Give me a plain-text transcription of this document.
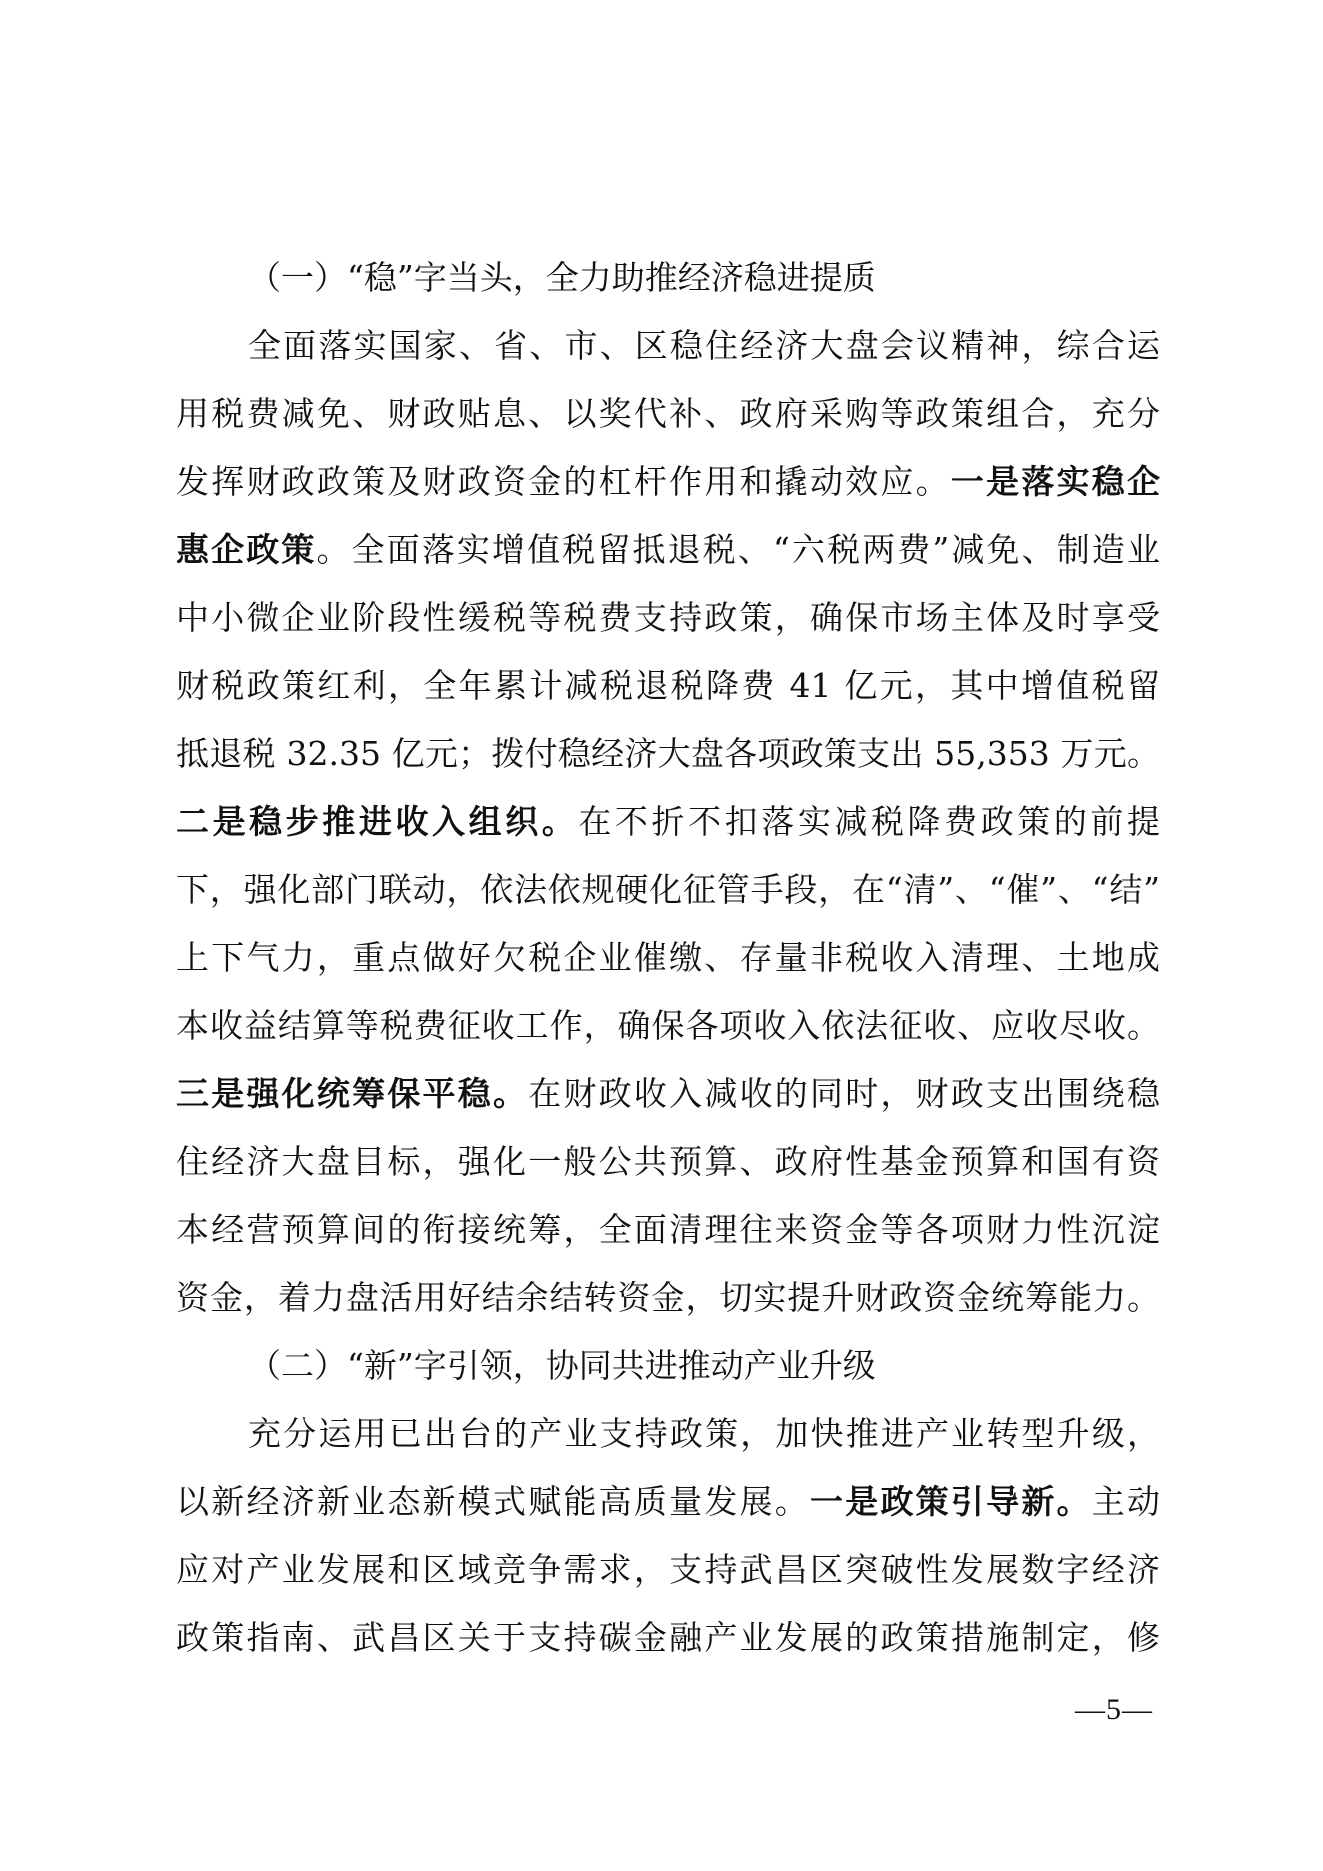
（一）“稳”字当头，全力助推经济稳进提质
全面落实国家、省、市、区稳住经济大盘会议精神，综合运
用税费减免、财政贴息、以奖代补、政府采购等政策组合，充分
发挥财政政策及财政资金的杠杆作用和撬动效应。一是落实稳企
惠企政策。全面落实增值税留抵退税、“六税两费”减免、制造业
中小微企业阶段性缓税等税费支持政策，确保市场主体及时享受
财税政策红利，全年累计减税退税降费 41 亿元，其中增值税留
抵退税 32.35 亿元；拨付稳经济大盘各项政策支出 55,353 万元。
二是稳步推进收入组织。在不折不扣落实减税降费政策的前提
下，强化部门联动，依法依规硬化征管手段，在“清”、“催”、“结”
上下气力，重点做好欠税企业催缴、存量非税收入清理、土地成
本收益结算等税费征收工作，确保各项收入依法征收、应收尽收。
三是强化统筹保平稳。在财政收入减收的同时，财政支出围绕稳
住经济大盘目标，强化一般公共预算、政府性基金预算和国有资
本经营预算间的衔接统筹，全面清理往来资金等各项财力性沉淀
资金，着力盘活用好结余结转资金，切实提升财政资金统筹能力。
（二）“新”字引领，协同共进推动产业升级
充分运用已出台的产业支持政策，加快推进产业转型升级，
以新经济新业态新模式赋能高质量发展。一是政策引导新。主动
应对产业发展和区域竞争需求，支持武昌区突破性发展数字经济
政策指南、武昌区关于支持碳金融产业发展的政策措施制定，修
—5—
